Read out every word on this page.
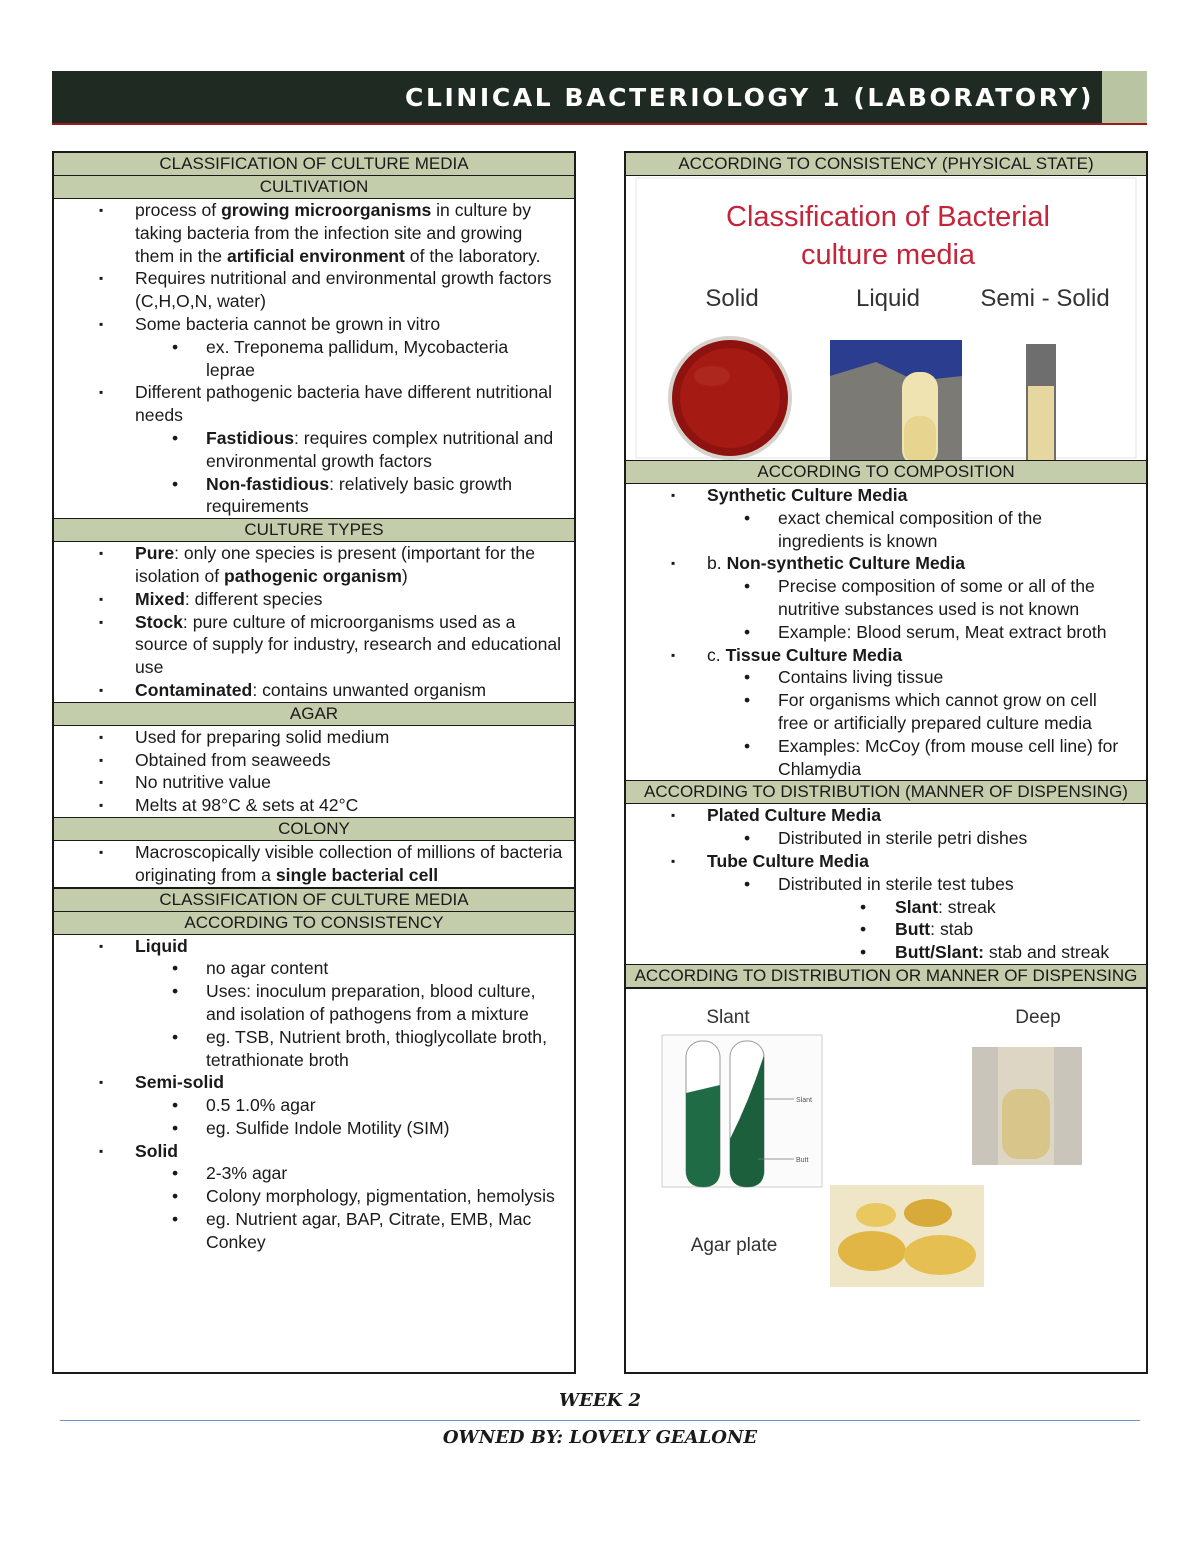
CLINICAL BACTERIOLOGY 1 (LABORATORY)
CLASSIFICATION OF CULTURE MEDIA
CULTIVATION
▪ process of growing microorganisms in culture by taking bacteria from the infection site and growing them in the artificial environment of the laboratory.
▪ Requires nutritional and environmental growth factors (C,H,O,N, water)
▪ Some bacteria cannot be grown in vitro
• ex. Treponema pallidum, Mycobacteria leprae
▪ Different pathogenic bacteria have different nutritional needs
• Fastidious: requires complex nutritional and environmental growth factors
• Non-fastidious: relatively basic growth requirements
CULTURE TYPES
▪ Pure: only one species is present (important for the isolation of pathogenic organism)
▪ Mixed: different species
▪ Stock: pure culture of microorganisms used as a source of supply for industry, research and educational use
▪ Contaminated: contains unwanted organism
AGAR
▪ Used for preparing solid medium
▪ Obtained from seaweeds
▪ No nutritive value
▪ Melts at 98°C & sets at 42°C
COLONY
▪ Macroscopically visible collection of millions of bacteria originating from a single bacterial cell
CLASSIFICATION OF CULTURE MEDIA
ACCORDING TO CONSISTENCY
▪ Liquid
• no agar content
• Uses: inoculum preparation, blood culture, and isolation of pathogens from a mixture
• eg. TSB, Nutrient broth, thioglycollate broth, tetrathionate broth
▪ Semi-solid
• 0.5 1.0% agar
• eg. Sulfide Indole Motility (SIM)
▪ Solid
• 2-3% agar
• Colony morphology, pigmentation, hemolysis
• eg. Nutrient agar, BAP, Citrate, EMB, Mac Conkey
ACCORDING TO CONSISTENCY (PHYSICAL STATE)
Classification of Bacterial
culture media
Solid	Liquid	Semi - Solid
ACCORDING TO COMPOSITION
▪ Synthetic Culture Media
• exact chemical composition of the ingredients is known
▪ b. Non-synthetic Culture Media
• Precise composition of some or all of the nutritive substances used is not known
• Example: Blood serum, Meat extract broth
▪ c. Tissue Culture Media
• Contains living tissue
• For organisms which cannot grow on cell free or artificially prepared culture media
• Examples: McCoy (from mouse cell line) for Chlamydia
ACCORDING TO DISTRIBUTION (MANNER OF DISPENSING)
▪ Plated Culture Media
• Distributed in sterile petri dishes
▪ Tube Culture Media
• Distributed in sterile test tubes
• Slant: streak
• Butt: stab
• Butt/Slant: stab and streak
ACCORDING TO DISTRIBUTION OR MANNER OF DISPENSING
Slant	Deep
Agar plate
Slant
Butt
WEEK 2
OWNED BY: LOVELY GEALONE
